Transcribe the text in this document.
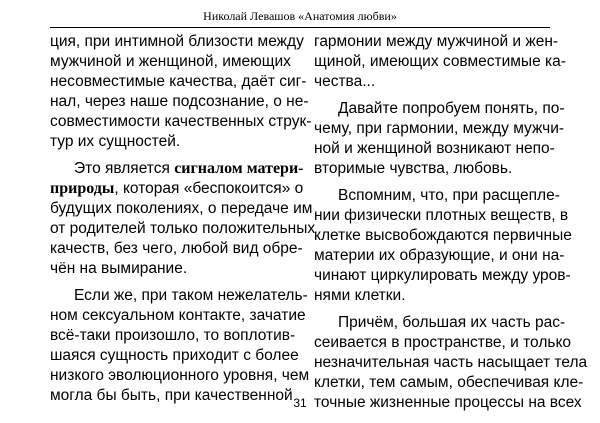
Николай Левашов «Анатомия любви»
ция, при интимной близости между
мужчиной и женщиной, имеющих
несовместимые качества, даёт сиг-
нал, через наше подсознание, о не-
совместимости качественных струк-
тур их сущностей.
Это является сигналом матери-
природы, которая «беспокоится» о
будущих поколениях, о передаче им
от родителей только положительных
качеств, без чего, любой вид обре-
чён на вымирание.
Если же, при таком нежелатель-
ном сексуальном контакте, зачатие
всё-таки произошло, то воплотив-
шаяся сущность приходит с более
низкого эволюционного уровня, чем
могла бы быть, при качественной
гармонии между мужчиной и жен-
щиной, имеющих совместимые ка-
чества...
Давайте попробуем понять, по-
чему, при гармонии, между мужчи-
ной и женщиной возникают непо-
вторимые чувства, любовь.
Вспомним, что, при расщепле-
нии физически плотных веществ, в
клетке высвобождаются первичные
материи их образующие, и они на-
чинают циркулировать между уров-
нями клетки.
Причём, большая их часть рас-
сеивается в пространстве, и только
незначительная часть насыщает тела
клетки, тем самым, обеспечивая кле-
точные жизненные процессы на всех
31
